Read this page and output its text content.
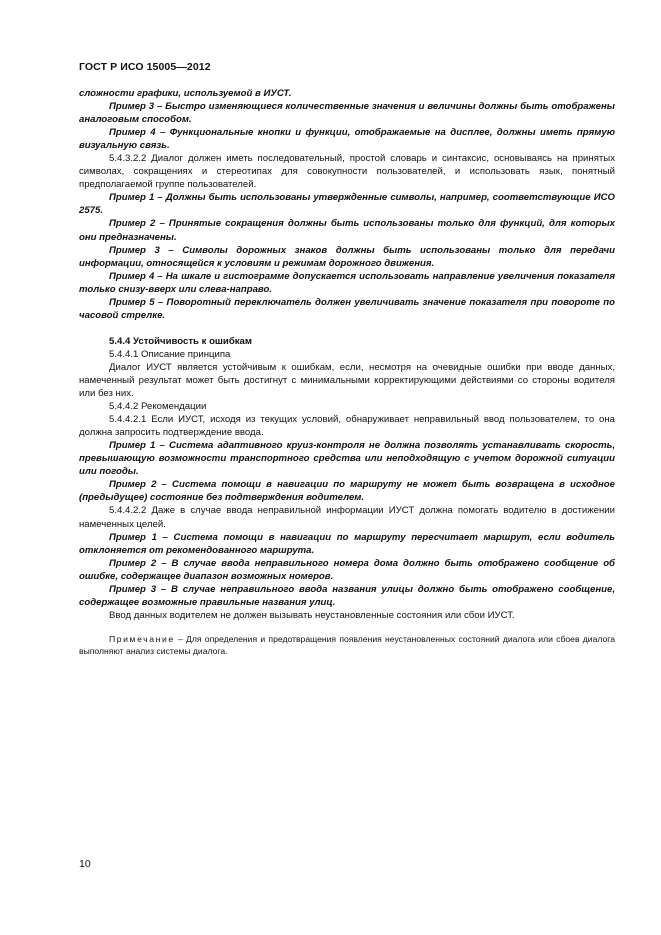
ГОСТ Р ИСО 15005—2012

сложности графики, используемой в ИУСТ.

Пример 3 – Быстро изменяющиеся количественные значения и величины должны быть отображены аналоговым способом.

Пример 4 – Функциональные кнопки и функции, отображаемые на дисплее, должны иметь прямую визуальную связь.

5.4.3.2.2 Диалог должен иметь последовательный, простой словарь и синтаксис, основываясь на принятых символах, сокращениях и стереотипах для совокупности пользователей, и использовать язык, понятный предполагаемой группе пользователей.

Пример 1 – Должны быть использованы утвержденные символы, например, соответствующие ИСО 2575.

Пример 2 – Принятые сокращения должны быть использованы только для функций, для которых они предназначены.

Пример 3 – Символы дорожных знаков должны быть использованы только для передачи информации, относящейся к условиям и режимам дорожного движения.

Пример 4 – На шкале и гистограмме допускается использовать направление увеличения показателя только снизу-вверх или слева-направо.

Пример 5 – Поворотный переключатель должен увеличивать значение показателя при повороте по часовой стрелке.

5.4.4 Устойчивость к ошибкам

5.4.4.1 Описание принципа

Диалог ИУСТ является устойчивым к ошибкам, если, несмотря на очевидные ошибки при вводе данных, намеченный результат может быть достигнут с минимальными корректирующими действиями со стороны водителя или без них.

5.4.4.2 Рекомендации

5.4.4.2.1 Если ИУСТ, исходя из текущих условий, обнаруживает неправильный ввод пользователем, то она должна запросить подтверждение ввода.

Пример 1 – Система адаптивного круиз-контроля не должна позволять устанавливать скорость, превышающую возможности транспортного средства или неподходящую с учетом дорожной ситуации или погоды.

Пример 2 – Система помощи в навигации по маршруту не может быть возвращена в исходное (предыдущее) состояние без подтверждения водителем.

5.4.4.2.2 Даже в случае ввода неправильной информации ИУСТ должна помогать водителю в достижении намеченных целей.

Пример 1 – Система помощи в навигации по маршруту пересчитает маршрут, если водитель отклоняется от рекомендованного маршрута.

Пример 2 – В случае ввода неправильного номера дома должно быть отображено сообщение об ошибке, содержащее диапазон возможных номеров.

Пример 3 – В случае неправильного ввода названия улицы должно быть отображено сообщение, содержащее возможные правильные названия улиц.

Ввод данных водителем не должен вызывать неустановленные состояния или сбои ИУСТ.

Примечание – Для определения и предотвращения появления неустановленных состояний диалога или сбоев диалога выполняют анализ системы диалога.

10
